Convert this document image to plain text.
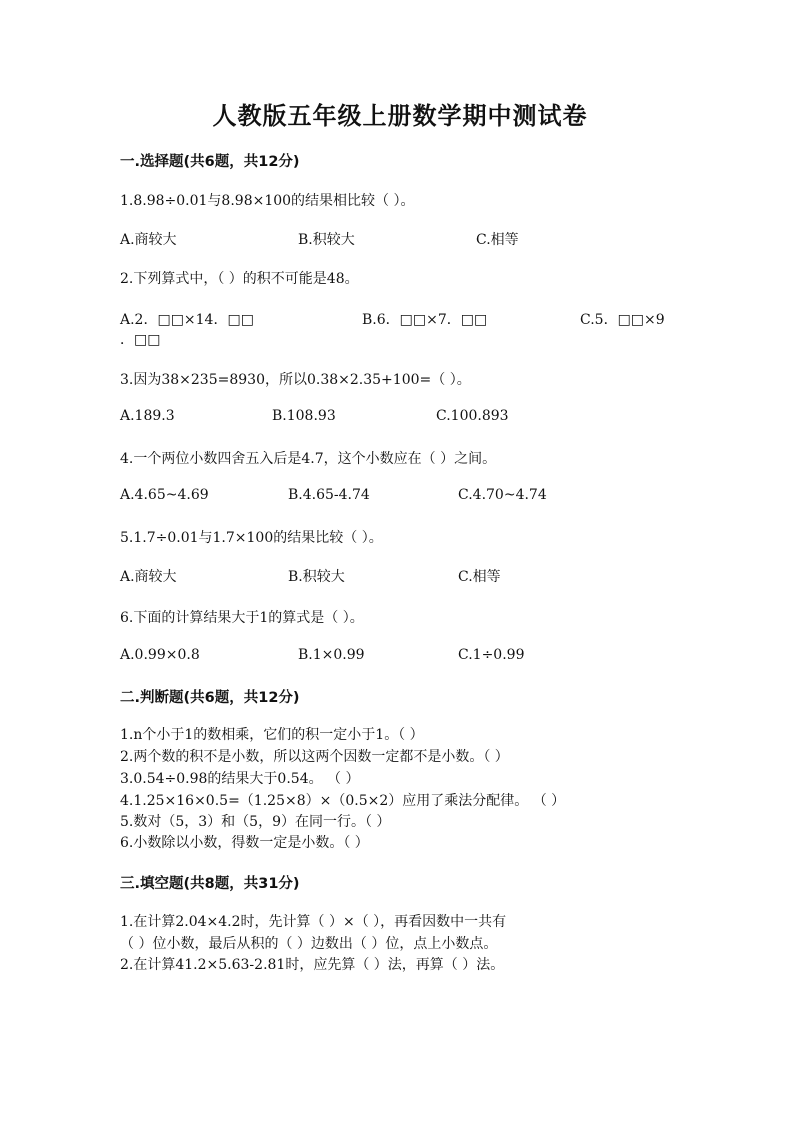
人教版五年级上册数学期中测试卷
一.选择题(共6题，共12分)
1.8.98÷0.01与8.98×100的结果相比较（ ）。
A.商较大	B.积较大	C.相等
2.下列算式中，（ ）的积不可能是48。
A.2．□□×14．□□	B.6．□□×7．□□	C.5．□□×9
．□□
3.因为38×235=8930，所以0.38×2.35+100=（ ）。
A.189.3	B.108.93	C.100.893
4.一个两位小数四舍五入后是4.7，这个小数应在（ ）之间。
A.4.65~4.69	B.4.65-4.74	C.4.70~4.74
5.1.7÷0.01与1.7×100的结果比较（ ）。
A.商较大	B.积较大	C.相等
6.下面的计算结果大于1的算式是（ ）。
A.0.99×0.8	B.1×0.99	C.1÷0.99
二.判断题(共6题，共12分)
1.n个小于1的数相乘，它们的积一定小于1。（ ）
2.两个数的积不是小数，所以这两个因数一定都不是小数。（ ）
3.0.54÷0.98的结果大于0.54。 （ ）
4.1.25×16×0.5=（1.25×8）×（0.5×2）应用了乘法分配律。 （ ）
5.数对（5，3）和（5，9）在同一行。（ ）
6.小数除以小数，得数一定是小数。（ ）
三.填空题(共8题，共31分)
1.在计算2.04×4.2时，先计算（ ）×（ ），再看因数中一共有
（ ）位小数，最后从积的（ ）边数出（ ）位，点上小数点。
2.在计算41.2×5.63-2.81时，应先算（ ）法，再算（ ）法。
